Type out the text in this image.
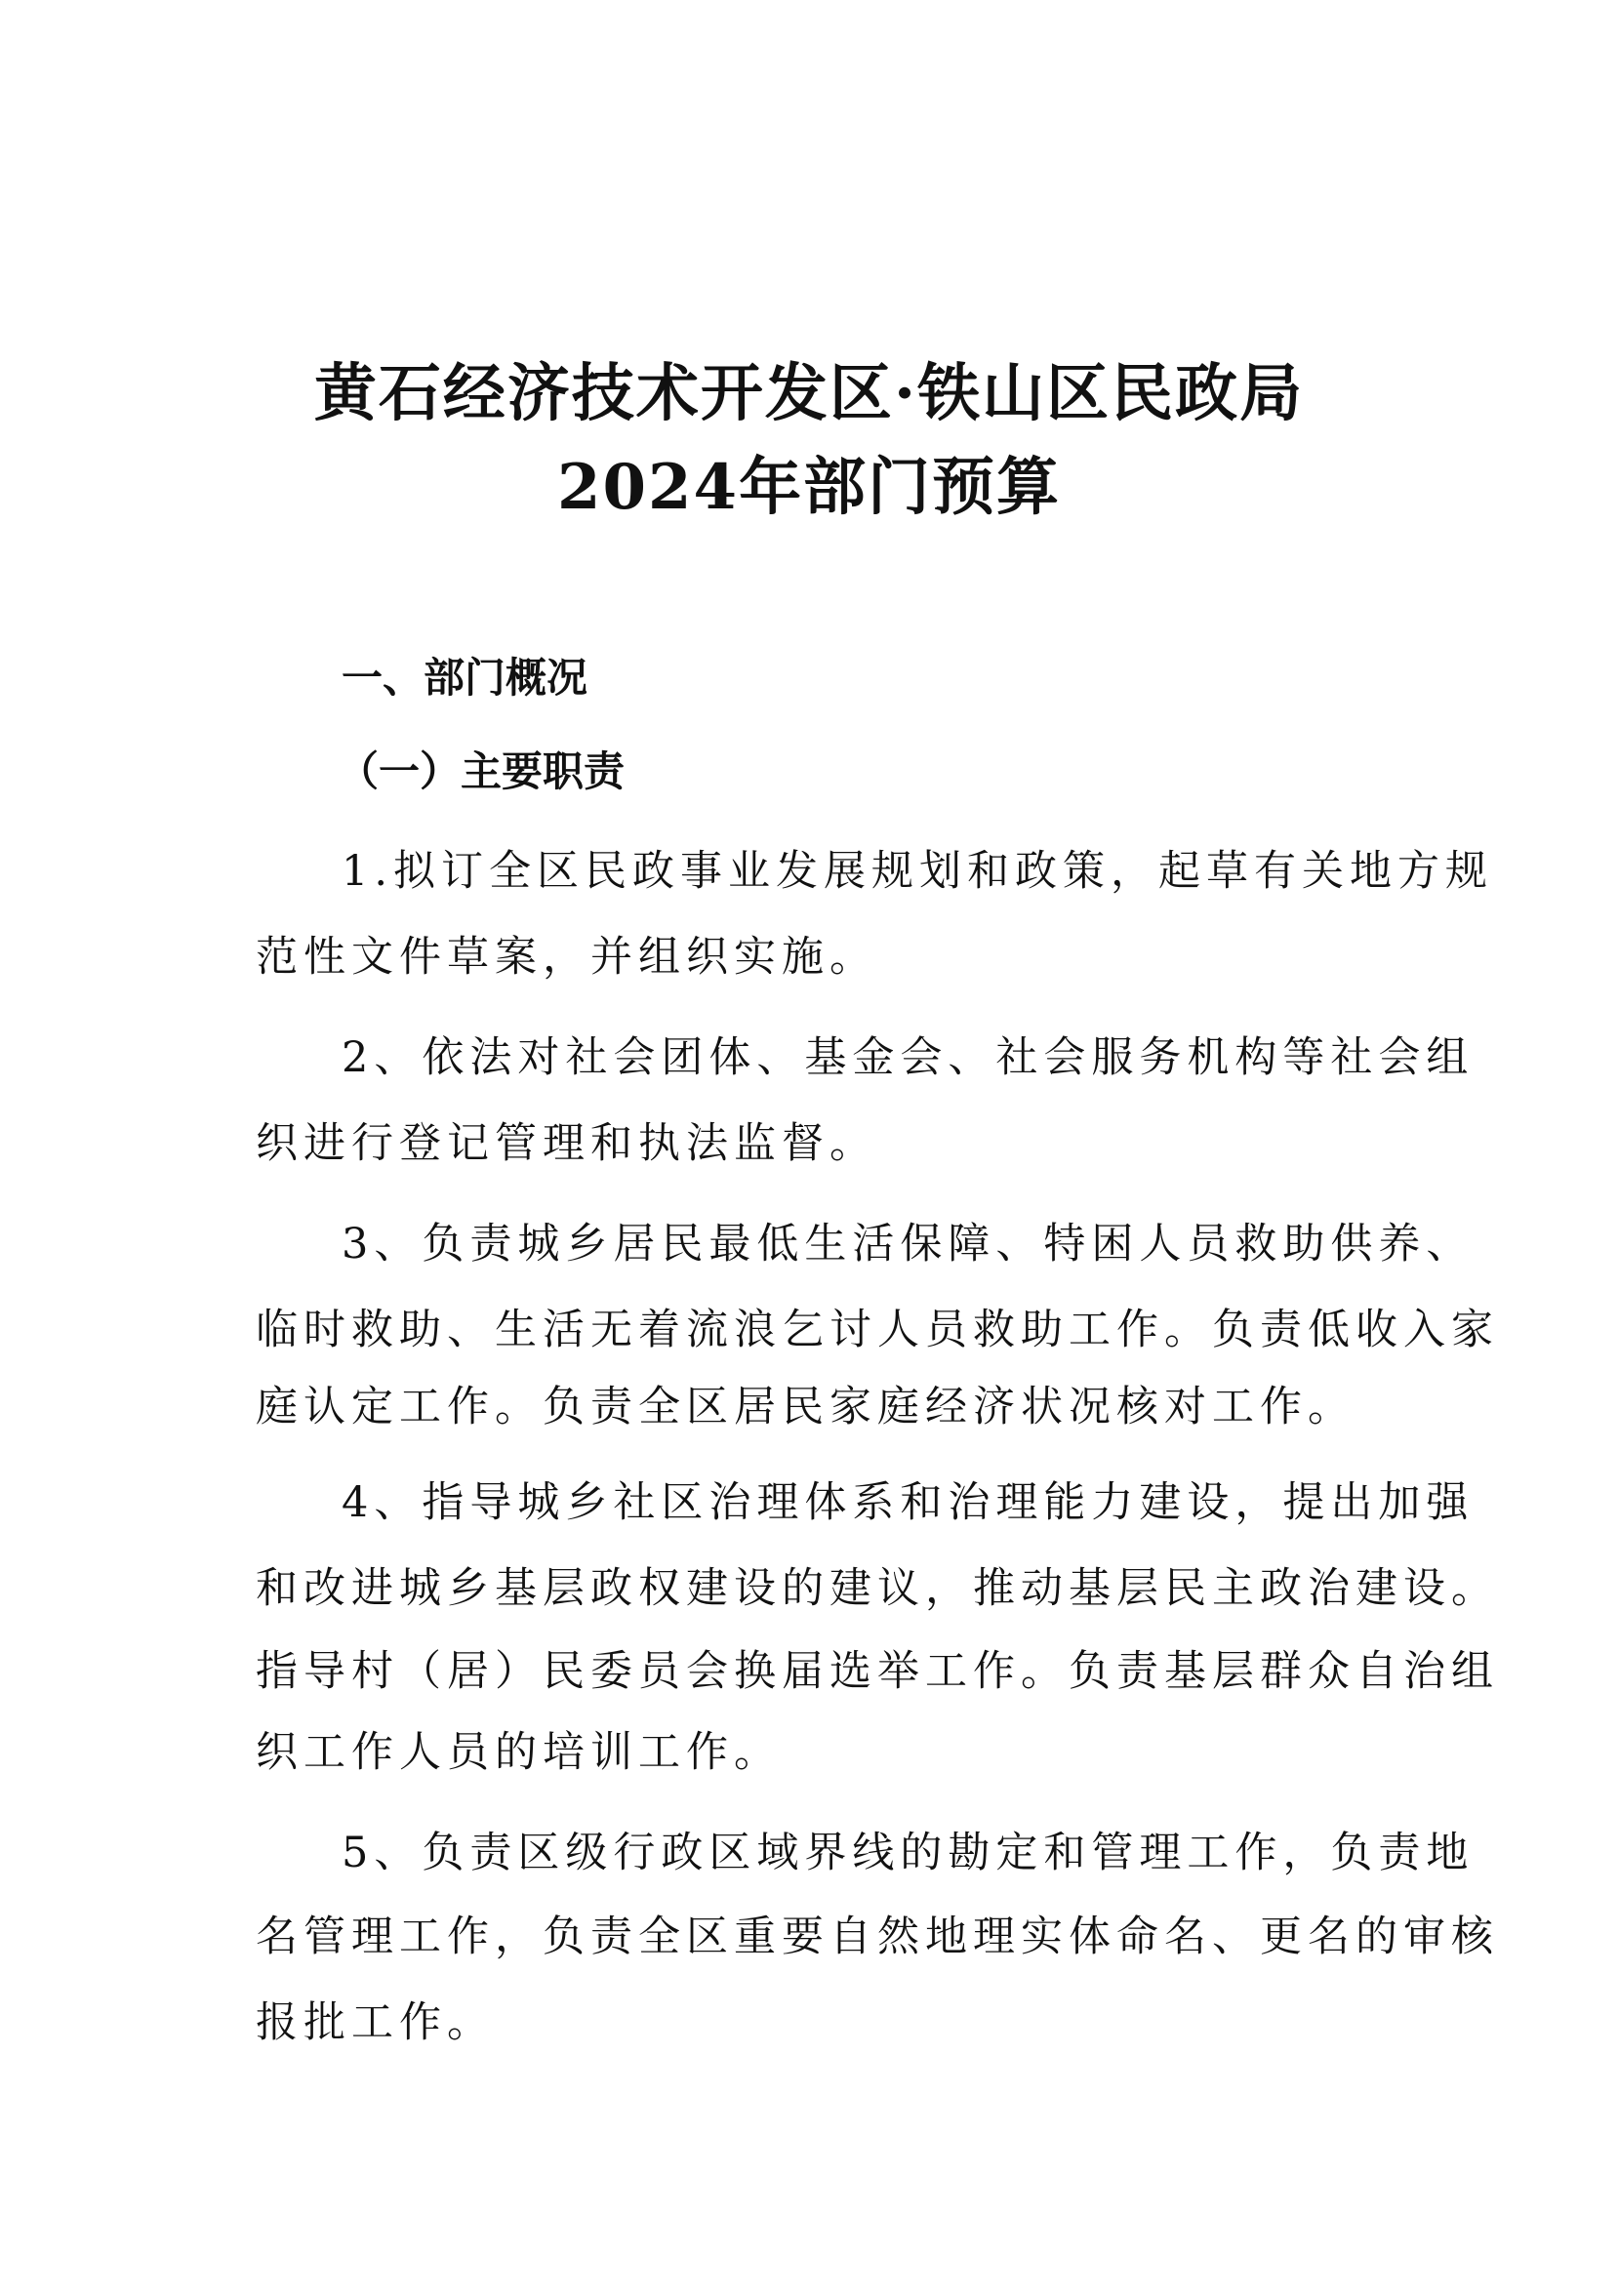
黄石经济技术开发区·铁山区民政局
2024年部门预算
一、部门概况
（一）主要职责
1.拟订全区民政事业发展规划和政策，起草有关地方规
范性文件草案，并组织实施。
2、依法对社会团体、基金会、社会服务机构等社会组
织进行登记管理和执法监督。
3、负责城乡居民最低生活保障、特困人员救助供养、
临时救助、生活无着流浪乞讨人员救助工作。负责低收入家
庭认定工作。负责全区居民家庭经济状况核对工作。
4、指导城乡社区治理体系和治理能力建设，提出加强
和改进城乡基层政权建设的建议，推动基层民主政治建设。
指导村（居）民委员会换届选举工作。负责基层群众自治组
织工作人员的培训工作。
5、负责区级行政区域界线的勘定和管理工作，负责地
名管理工作，负责全区重要自然地理实体命名、更名的审核
报批工作。
